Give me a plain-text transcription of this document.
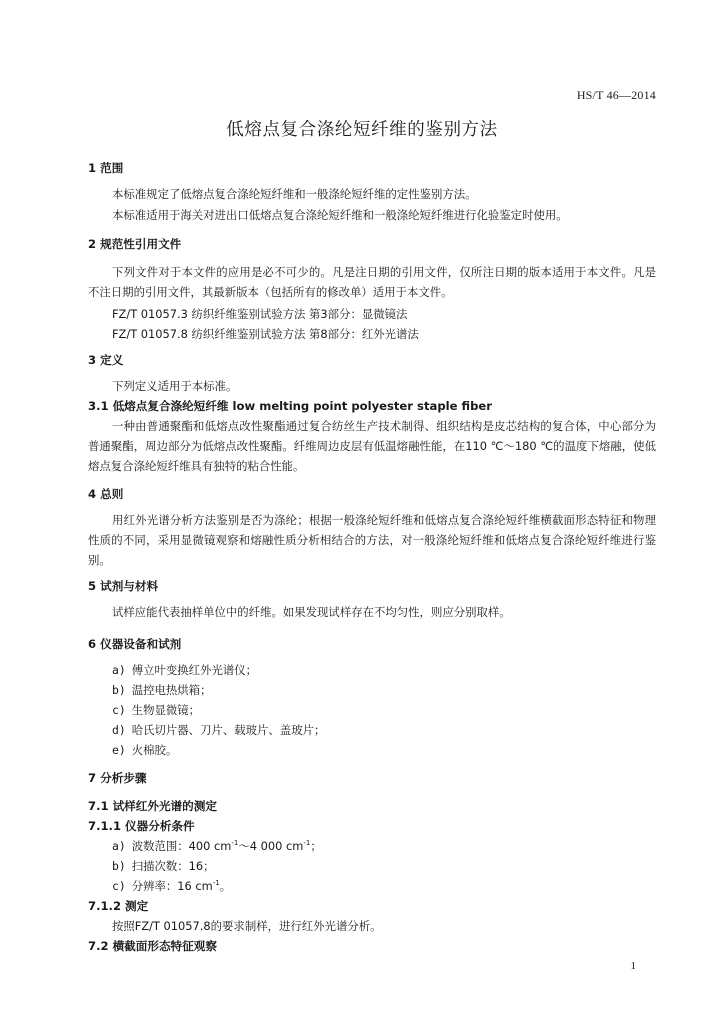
HS/T 46—2014
低熔点复合涤纶短纤维的鉴别方法
1 范围
本标准规定了低熔点复合涤纶短纤维和一般涤纶短纤维的定性鉴别方法。
本标准适用于海关对进出口低熔点复合涤纶短纤维和一般涤纶短纤维进行化验鉴定时使用。
2 规范性引用文件
下列文件对于本文件的应用是必不可少的。凡是注日期的引用文件，仅所注日期的版本适用于本文件。凡是不注日期的引用文件，其最新版本（包括所有的修改单）适用于本文件。
FZ/T 01057.3 纺织纤维鉴别试验方法 第3部分：显微镜法
FZ/T 01057.8 纺织纤维鉴别试验方法 第8部分：红外光谱法
3 定义
下列定义适用于本标准。
3.1 低熔点复合涤纶短纤维 low melting point polyester staple fiber
一种由普通聚酯和低熔点改性聚酯通过复合纺丝生产技术制得、组织结构是皮芯结构的复合体，中心部分为普通聚酯，周边部分为低熔点改性聚酯。纤维周边皮层有低温熔融性能，在110 ℃～180 ℃的温度下熔融，使低熔点复合涤纶短纤维具有独特的粘合性能。
4 总则
用红外光谱分析方法鉴别是否为涤纶；根据一般涤纶短纤维和低熔点复合涤纶短纤维横截面形态特征和物理性质的不同，采用显微镜观察和熔融性质分析相结合的方法，对一般涤纶短纤维和低熔点复合涤纶短纤维进行鉴别。
5 试剂与材料
试样应能代表抽样单位中的纤维。如果发现试样存在不均匀性，则应分别取样。
6 仪器设备和试剂
a) 傅立叶变换红外光谱仪；
b) 温控电热烘箱；
c) 生物显微镜；
d) 哈氏切片器、刀片、载玻片、盖玻片；
e) 火棉胶。
7 分析步骤
7.1 试样红外光谱的测定
7.1.1 仪器分析条件
a) 波数范围：400 $cm^{-1}\sim 4$ 000 $cm^{-1}$；
b) 扫描次数：16；
c) 分辨率：16 $cm^{-1}$。
7.1.2 测定
按照FZ/T 01057.8的要求制样，进行红外光谱分析。
7.2 横截面形态特征观察
1
